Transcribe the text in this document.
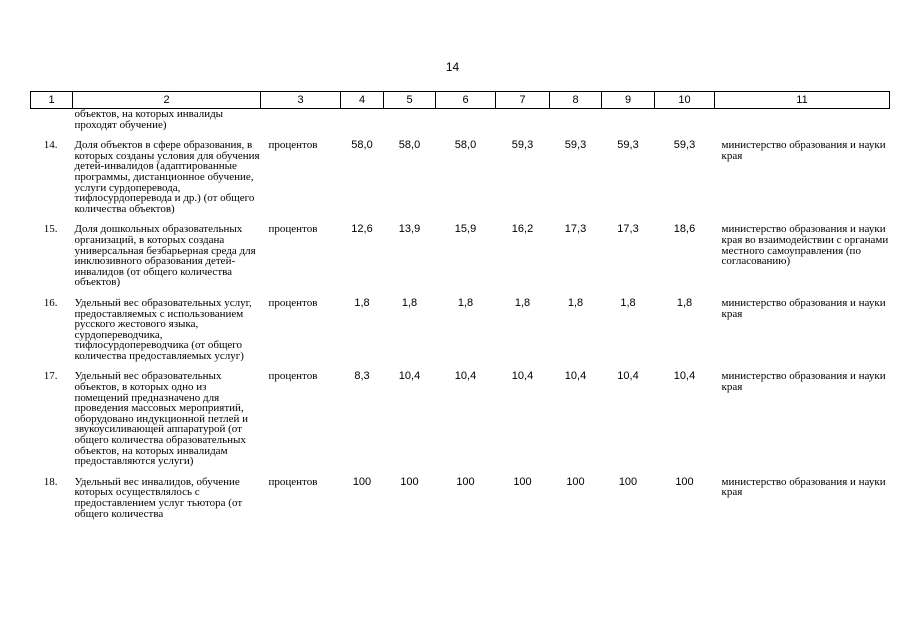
14
1	2	3	4	5	6	7	8	9	10	11
	объектов, на которых инвалиды проходят обучение)									
14.	Доля объектов в сфере образования, в которых созданы условия для обучения детей-инвалидов (адаптированные программы, дистанционное обучение, услуги сурдоперевода, тифлосурдоперевода и др.) (от общего количества объектов)	процентов	58,0	58,0	58,0	59,3	59,3	59,3	59,3	министерство образования и науки края
15.	Доля дошкольных образовательных организаций, в которых создана универсальная безбарьерная среда для инклюзивного образования детей-инвалидов (от общего количества объектов)	процентов	12,6	13,9	15,9	16,2	17,3	17,3	18,6	министерство образования и науки края во взаимодействии с органами местного самоуправления (по согласованию)
16.	Удельный вес образовательных услуг, предоставляемых с использованием русского жестового языка, сурдопереводчика, тифлосурдопереводчика (от общего количества предоставляемых услуг)	процентов	1,8	1,8	1,8	1,8	1,8	1,8	1,8	министерство образования и науки края
17.	Удельный вес образовательных объектов, в которых одно из помещений предназначено для проведения массовых мероприятий, оборудовано индукционной петлей и звукоусиливающей аппаратурой (от общего количества образовательных объектов, на которых инвалидам предоставляются услуги)	процентов	8,3	10,4	10,4	10,4	10,4	10,4	10,4	министерство образования и науки края
18.	Удельный вес инвалидов, обучение которых осуществлялось с предоставлением услуг тьютора (от общего количества	процентов	100	100	100	100	100	100	100	министерство образования и науки края
